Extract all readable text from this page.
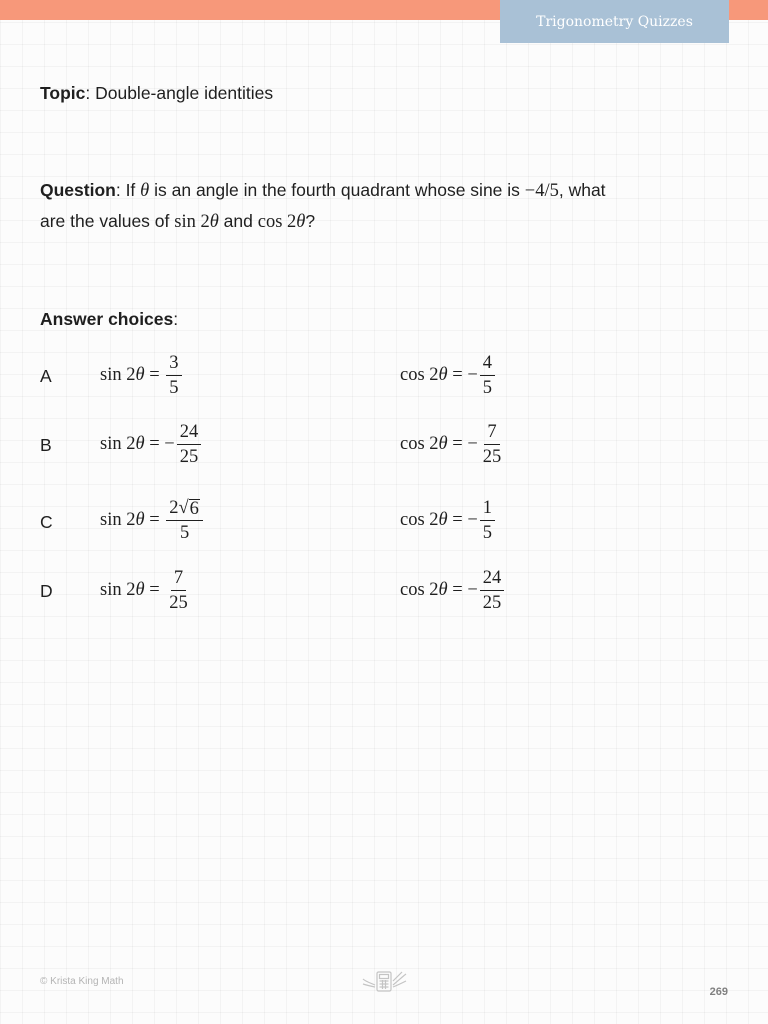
Trigonometry Quizzes
Topic: Double-angle identities
Question: If θ is an angle in the fourth quadrant whose sine is −4/5, what
are the values of sin 2θ and cos 2θ?
Answer choices:
A	sin 2 $\theta = \frac{3}{5}$	cos 2 θ = − $\frac{4}{5}$
B	sin 2 θ = − $\frac{24}{25}$	cos 2 θ = − $\frac{7}{25}$
C	sin 2 $\theta = \frac{2 √ 6}{5}$	cos 2 θ = − $\frac{1}{5}$
D	sin 2 $\theta = \frac{7}{25}$	cos 2 θ = − $\frac{24}{25}$
© Krista King Math
269
